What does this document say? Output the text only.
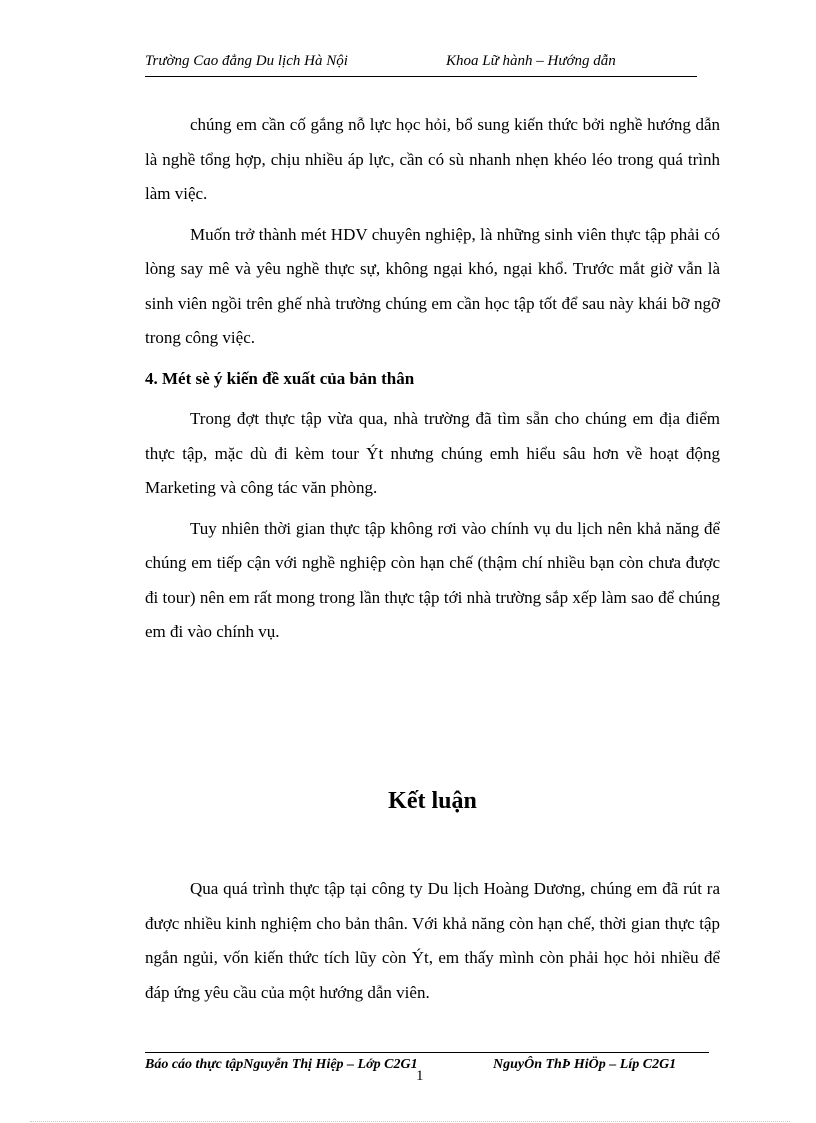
Trường Cao đẳng Du lịch Hà Nội	Khoa Lữ hành – Hướng dẫn

chúng em cần cố gắng nỗ lực học hỏi, bổ sung kiến thức bởi nghề hướng dẫn là nghề tổng hợp, chịu nhiều áp lực, cần có sù nhanh nhẹn khéo léo trong quá trình làm việc.

Muốn trở thành mét HDV chuyên nghiệp, là những sinh viên thực tập phải có lòng say mê và yêu nghề thực sự, không ngại khó, ngại khổ. Trước mắt giờ vẫn là sinh viên ngồi trên ghế nhà trường chúng em cần học tập tốt để sau này khái bỡ ngỡ trong công việc.

4. Mét sè ý kiến đề xuất của bản thân

Trong đợt thực tập vừa qua, nhà trường đã tìm sẵn cho chúng em địa điểm thực tập, mặc dù đi kèm tour Ýt nhưng chúng emh hiểu sâu hơn về hoạt động Marketing và công tác văn phòng.

Tuy nhiên thời gian thực tập không rơi vào chính vụ du lịch nên khả năng để chúng em tiếp cận với nghề nghiệp còn hạn chế (thậm chí nhiều bạn còn chưa được đi tour) nên em rất mong trong lần thực tập tới nhà trường sắp xếp làm sao để chúng em đi vào chính vụ.

Kết luận

Qua quá trình thực tập tại công ty Du lịch Hoàng Dương, chúng em đã rút ra được nhiều kinh nghiệm cho bản thân. Với khả năng còn hạn chế, thời gian thực tập ngắn ngủi, vốn kiến thức tích lũy còn Ýt, em thấy mình còn phải học hỏi nhiều để đáp ứng yêu cầu của một hướng dẫn viên.

Báo cáo thực tậpNguyễn Thị Hiệp – Lớp C2G1	NguyÔn ThÞ HiÖp – Líp C2G1
1
